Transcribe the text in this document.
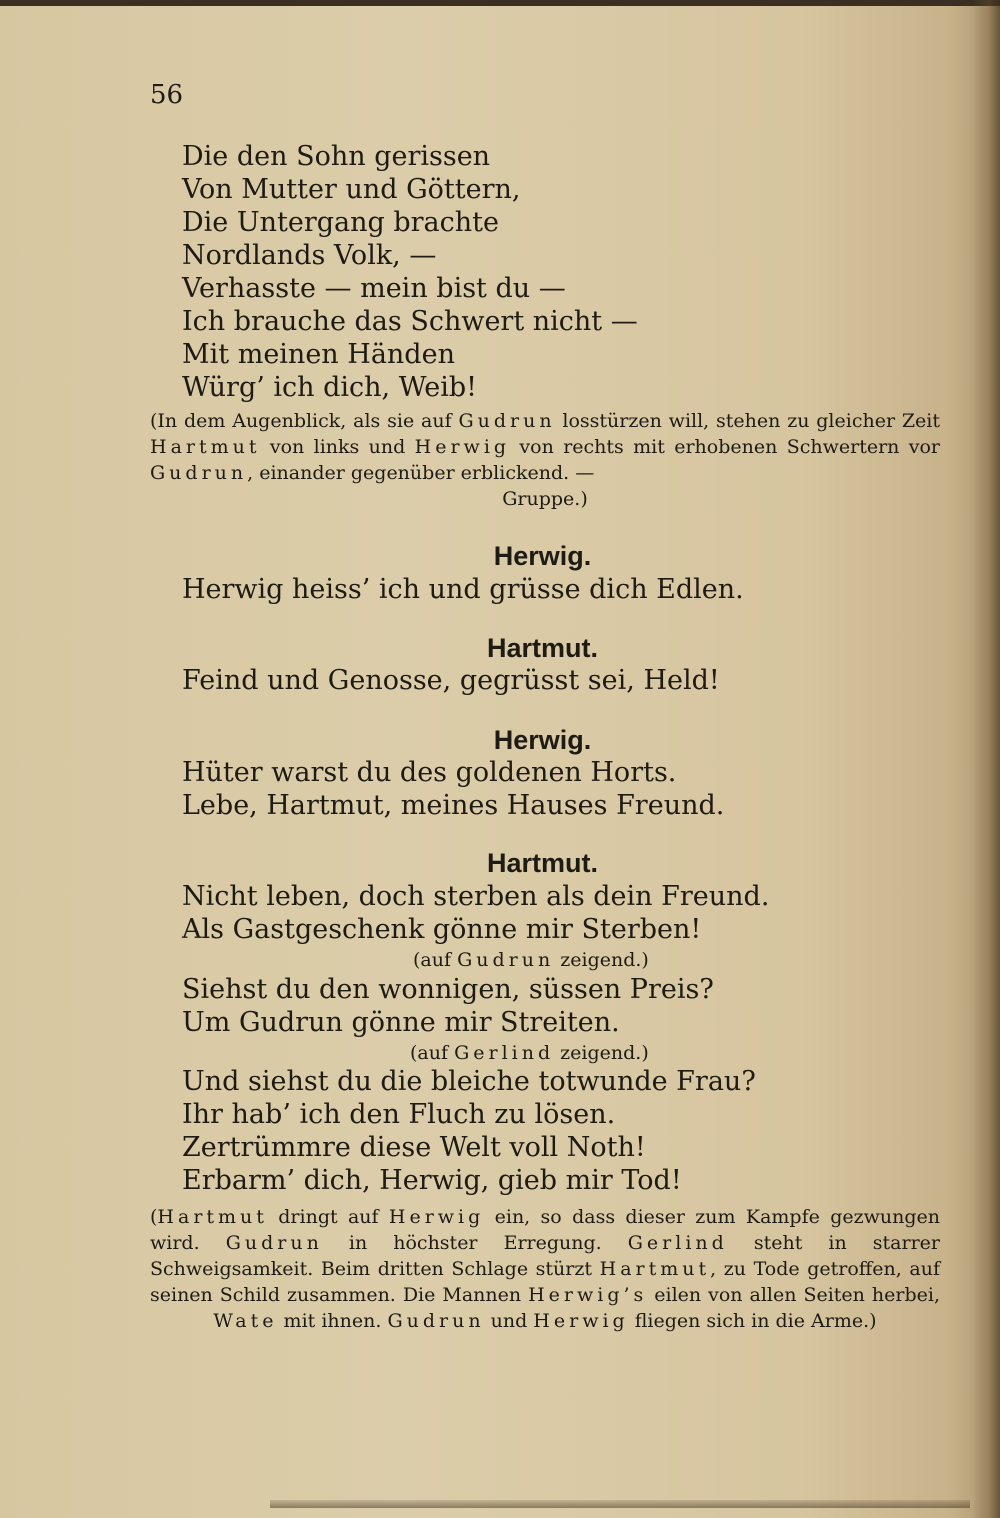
56
Die den Sohn gerissen
Von Mutter und Göttern,
Die Untergang brachte
Nordlands Volk, —
Verhasste — mein bist du —
Ich brauche das Schwert nicht —
Mit meinen Händen
Würg’ ich dich, Weib!
(In dem Augenblick, als sie auf Gudrun losstürzen will, stehen zu gleicher Zeit Hartmut von links und Herwig von rechts mit erhobenen Schwertern vor Gudrun, einander gegenüber erblickend. —
Gruppe.)
Herwig.
Herwig heiss’ ich und grüsse dich Edlen.
Hartmut.
Feind und Genosse, gegrüsst sei, Held!
Herwig.
Hüter warst du des goldenen Horts.
Lebe, Hartmut, meines Hauses Freund.
Hartmut.
Nicht leben, doch sterben als dein Freund.
Als Gastgeschenk gönne mir Sterben!
(auf Gudrun zeigend.)
Siehst du den wonnigen, süssen Preis?
Um Gudrun gönne mir Streiten.
(auf Gerlind zeigend.)
Und siehst du die bleiche totwunde Frau?
Ihr hab’ ich den Fluch zu lösen.
Zertrümmre diese Welt voll Noth!
Erbarm’ dich, Herwig, gieb mir Tod!
(Hartmut dringt auf Herwig ein, so dass dieser zum Kampfe gezwungen wird. Gudrun in höchster Erregung. Gerlind steht in starrer Schweigsamkeit. Beim dritten Schlage stürzt Hartmut, zu Tode getroffen, auf seinen Schild zusammen. Die Mannen Herwig’s eilen von allen Seiten herbei, Wate mit ihnen. Gudrun und Herwig fliegen sich in die Arme.)
